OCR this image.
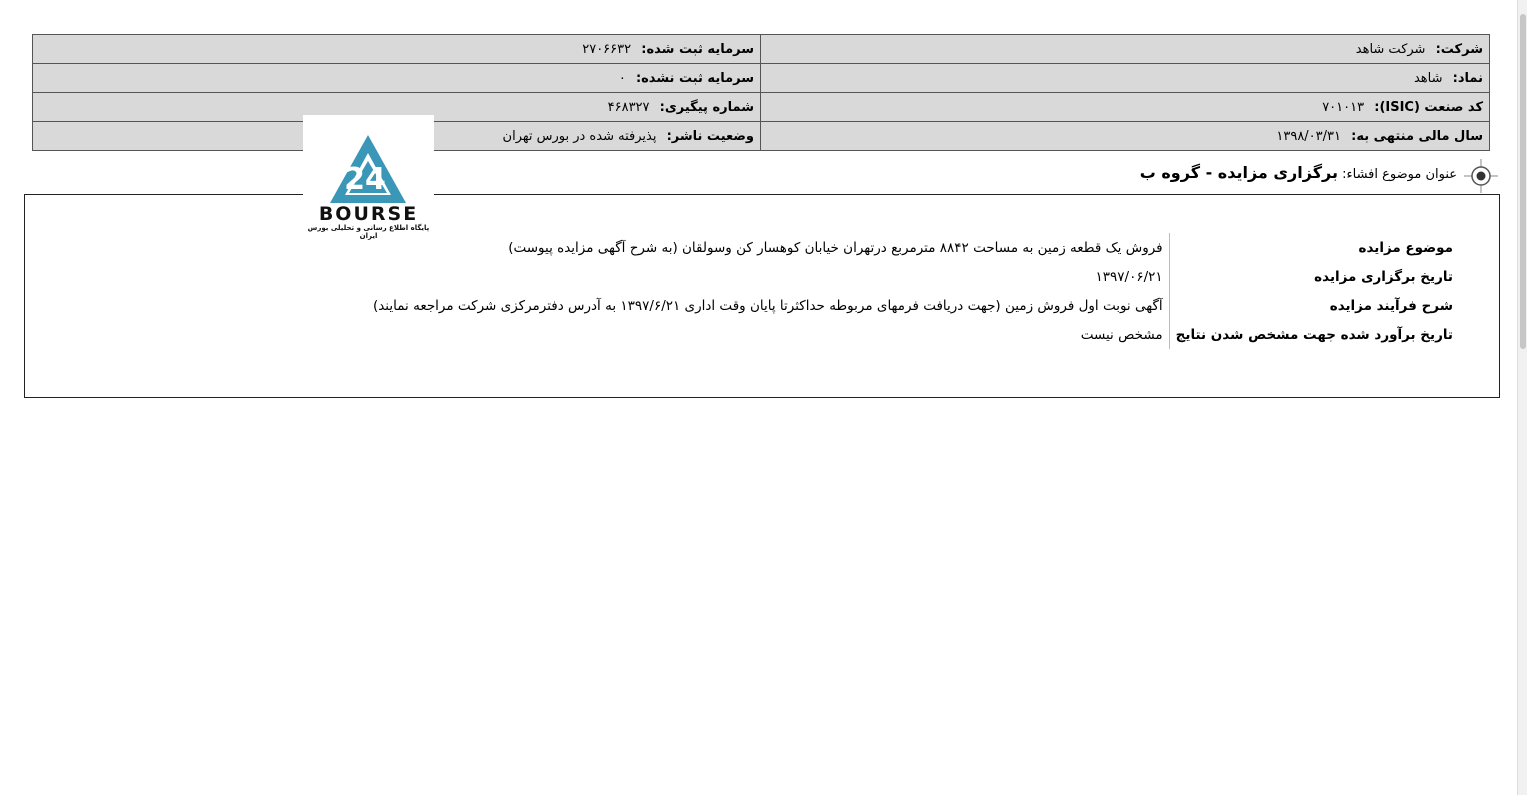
شرکت: شرکت شاهد	سرمایه ثبت شده: ۲۷۰۶۶۳۲
نماد: شاهد	سرمایه ثبت نشده: ۰
کد صنعت (ISIC): ۷۰۱۰۱۳	شماره پیگیری: ۴۶۸۳۲۷
سال مالی منتهی به: ۱۳۹۸/۰۳/۳۱	وضعیت ناشر: پذیرفته شده در بورس تهران
عنوان موضوع افشاء: برگزاری مزایده - گروه ب
موضوع مزایده	فروش یک قطعه زمین به مساحت ۸۸۴۲ مترمربع درتهران خیابان کوهسار کن وسولقان (به شرح آگهی مزایده پیوست)
تاریخ برگزاری مزایده	۱۳۹۷/۰۶/۲۱
شرح فرآیند مزایده	آگهی نوبت اول فروش زمین (جهت دریافت فرمهای مربوطه حداکثرتا پایان وقت اداری ۱۳۹۷/۶/۲۱ به آدرس دفترمرکزی شرکت مراجعه نمایند)
تاریخ برآورد شده جهت مشخص شدن نتایج	مشخص نیست
24
BOURSE
پایگاه اطلاع رسانی و تحلیلی بورس ایران
